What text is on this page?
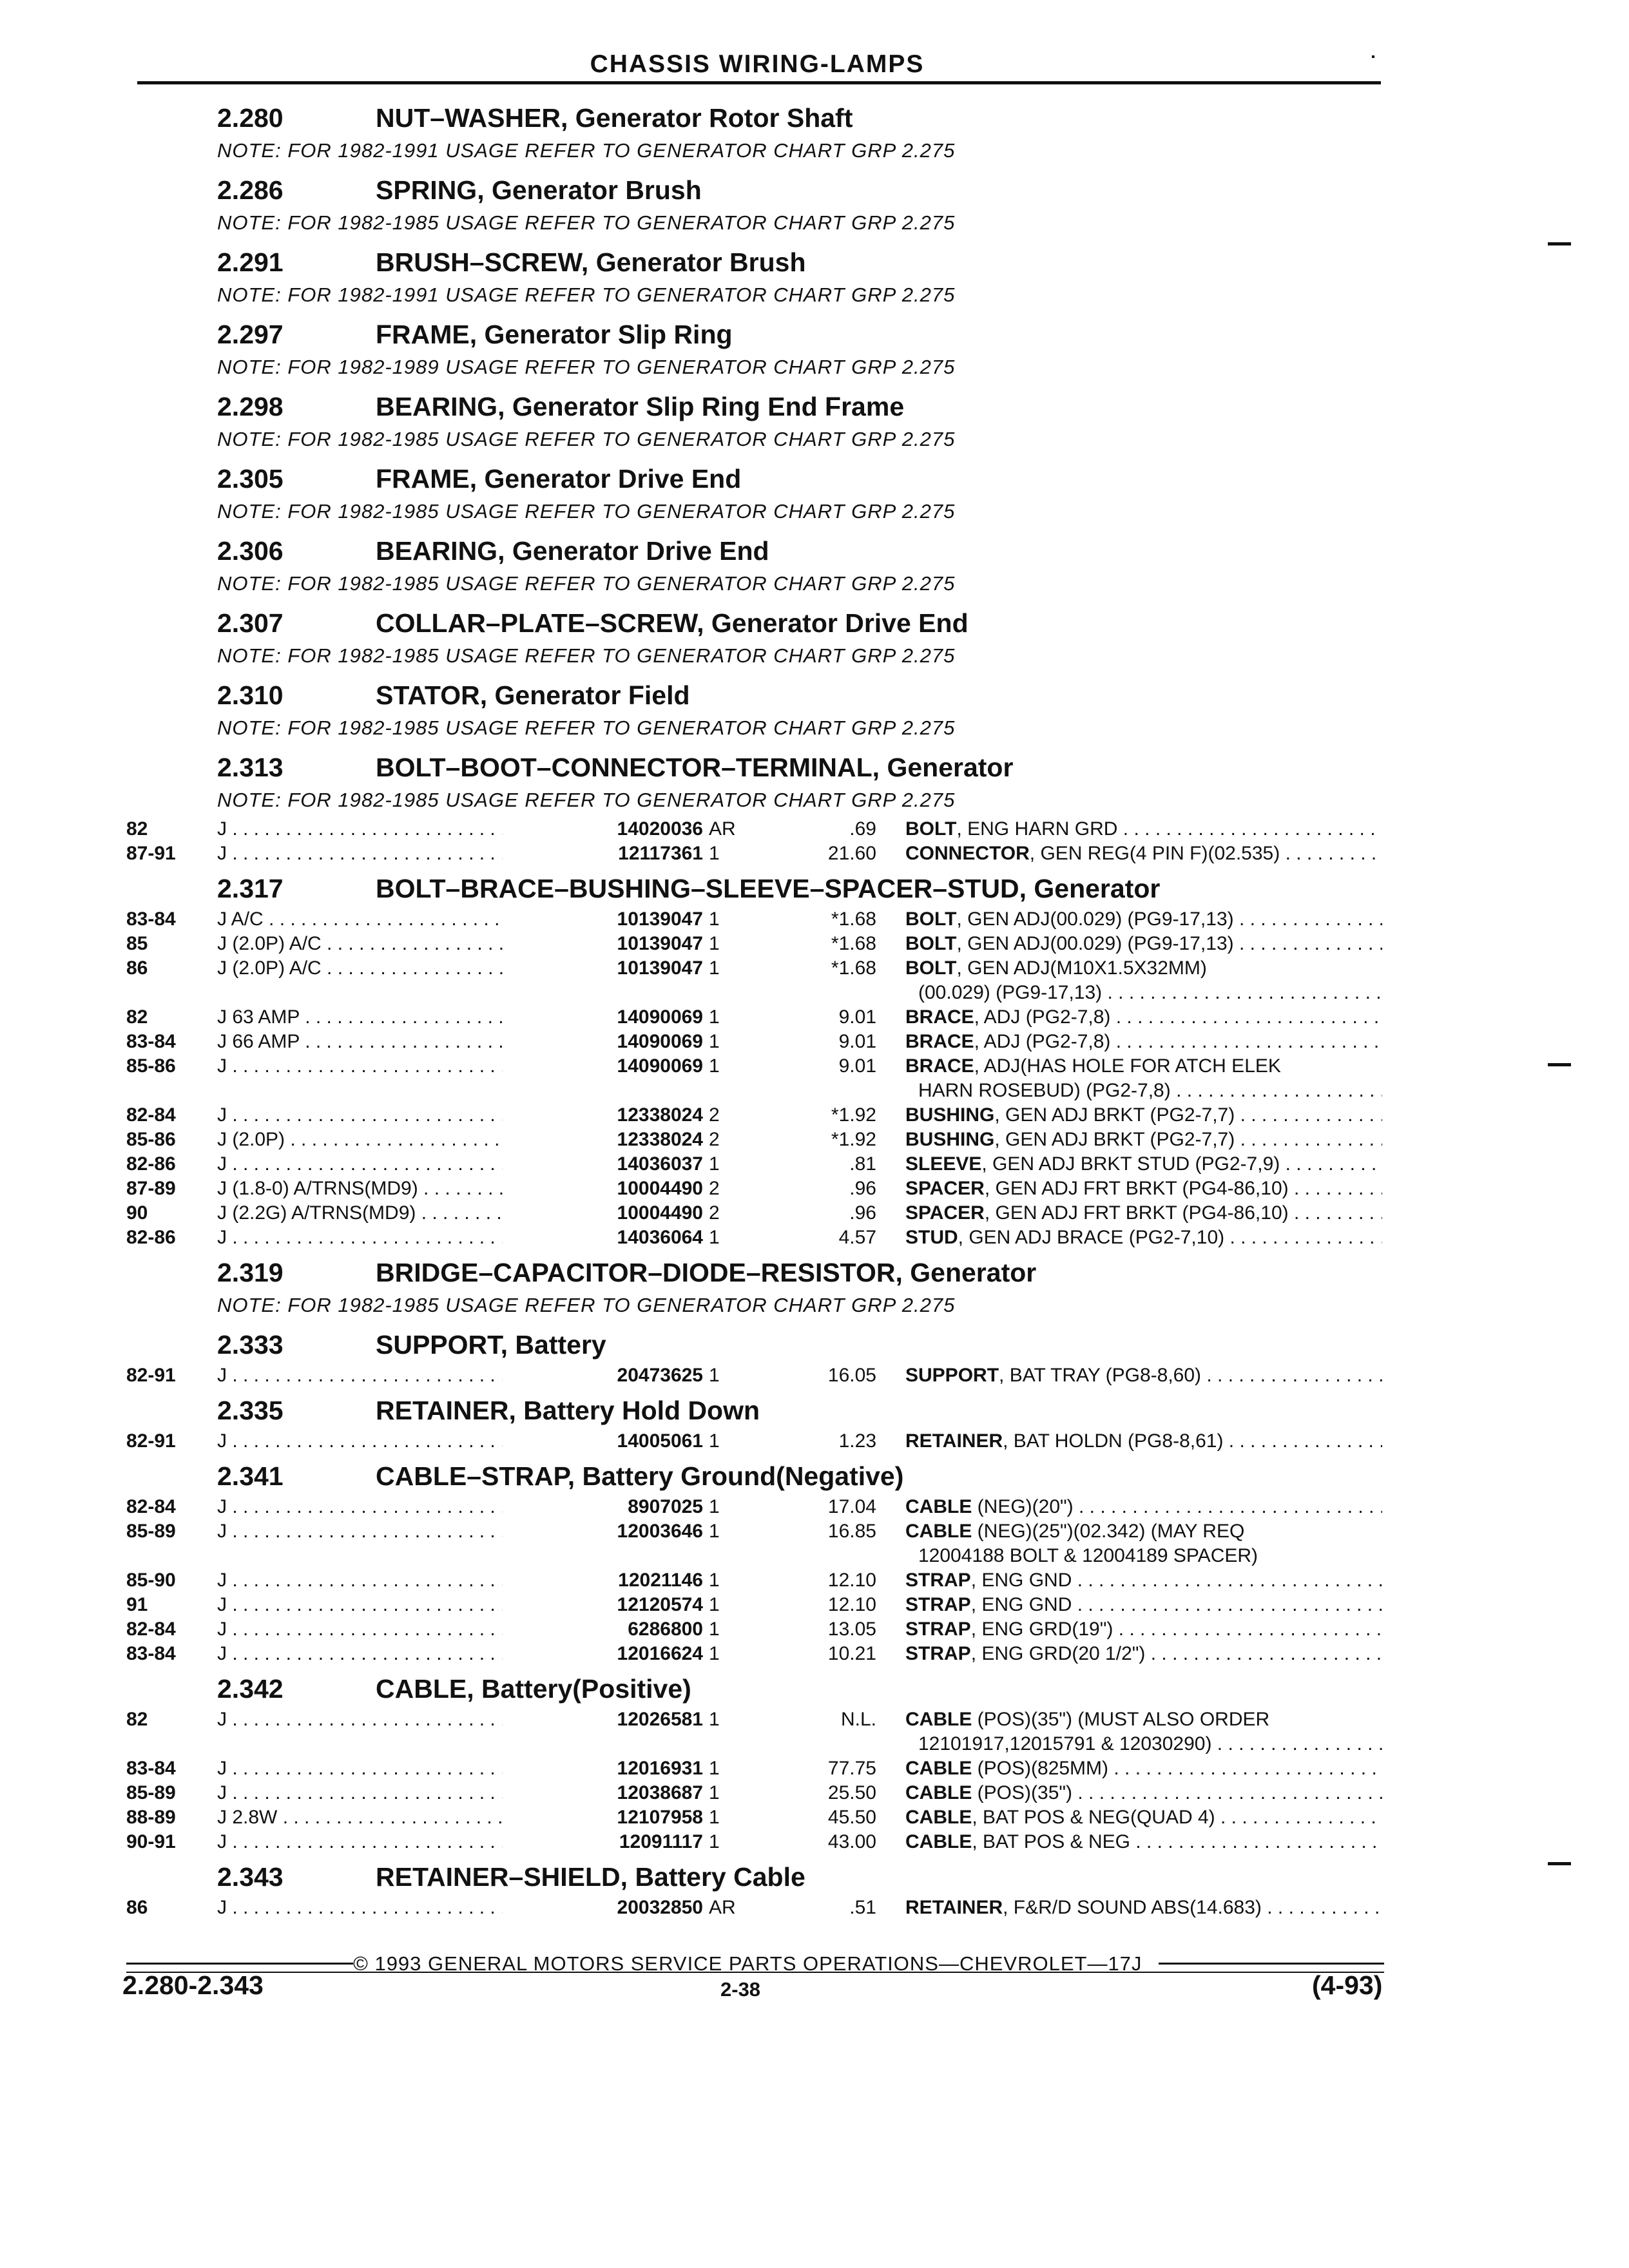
CHASSIS WIRING-LAMPS
2.280	NUT–WASHER, Generator Rotor Shaft
NOTE: FOR 1982-1991 USAGE REFER TO GENERATOR CHART GRP 2.275
2.286	SPRING, Generator Brush
NOTE: FOR 1982-1985 USAGE REFER TO GENERATOR CHART GRP 2.275
2.291	BRUSH–SCREW, Generator Brush
NOTE: FOR 1982-1991 USAGE REFER TO GENERATOR CHART GRP 2.275
2.297	FRAME, Generator Slip Ring
NOTE: FOR 1982-1989 USAGE REFER TO GENERATOR CHART GRP 2.275
2.298	BEARING, Generator Slip Ring End Frame
NOTE: FOR 1982-1985 USAGE REFER TO GENERATOR CHART GRP 2.275
2.305	FRAME, Generator Drive End
NOTE: FOR 1982-1985 USAGE REFER TO GENERATOR CHART GRP 2.275
2.306	BEARING, Generator Drive End
NOTE: FOR 1982-1985 USAGE REFER TO GENERATOR CHART GRP 2.275
2.307	COLLAR–PLATE–SCREW, Generator Drive End
NOTE: FOR 1982-1985 USAGE REFER TO GENERATOR CHART GRP 2.275
2.310	STATOR, Generator Field
NOTE: FOR 1982-1985 USAGE REFER TO GENERATOR CHART GRP 2.275
2.313	BOLT–BOOT–CONNECTOR–TERMINAL, Generator
NOTE: FOR 1982-1985 USAGE REFER TO GENERATOR CHART GRP 2.275
82	J . . .	14020036 AR	.69 BOLT, ENG HARN GRD . . .
87-91 J . . .	12117361 1	21.60 CONNECTOR, GEN REG(4 PIN F)(02.535) . . .
2.317	BOLT–BRACE–BUSHING–SLEEVE–SPACER–STUD, Generator
83-84 J A/C . . .	10139047 1	*1.68 BOLT, GEN ADJ(00.029) (PG9-17,13) . . .
85	J (2.0P) A/C . . .	10139047 1	*1.68 BOLT, GEN ADJ(00.029) (PG9-17,13) . . .
86	J (2.0P) A/C . . .	10139047 1	*1.68 BOLT, GEN ADJ(M10X1.5X32MM)
(00.029) (PG9-17,13) . . .
82	J 63 AMP . . .	14090069 1	9.01 BRACE, ADJ (PG2-7,8) . . .
83-84 J 66 AMP . . .	14090069 1	9.01 BRACE, ADJ (PG2-7,8) . . .
85-86 J . . .	14090069 1	9.01 BRACE, ADJ(HAS HOLE FOR ATCH ELEK
HARN ROSEBUD) (PG2-7,8) . . .
82-84 J . . .	12338024 2	*1.92 BUSHING, GEN ADJ BRKT (PG2-7,7) . . .
85-86 J (2.0P) . . .	12338024 2	*1.92 BUSHING, GEN ADJ BRKT (PG2-7,7) . . .
82-86 J . . .	14036037 1	.81 SLEEVE, GEN ADJ BRKT STUD (PG2-7,9) . . .
87-89 J (1.8-0) A/TRNS(MD9) . . .	10004490 2	.96 SPACER, GEN ADJ FRT BRKT (PG4-86,10) . . .
90	J (2.2G) A/TRNS(MD9) . . .	10004490 2	.96 SPACER, GEN ADJ FRT BRKT (PG4-86,10) . . .
82-86 J . . .	14036064 1	4.57 STUD, GEN ADJ BRACE (PG2-7,10) . . .
2.319	BRIDGE–CAPACITOR–DIODE–RESISTOR, Generator
NOTE: FOR 1982-1985 USAGE REFER TO GENERATOR CHART GRP 2.275
2.333	SUPPORT, Battery
82-91 J . . .	20473625 1	16.05 SUPPORT, BAT TRAY (PG8-8,60) . . .
2.335	RETAINER, Battery Hold Down
82-91 J . . .	14005061 1	1.23 RETAINER, BAT HOLDN (PG8-8,61) . . .
2.341	CABLE–STRAP, Battery Ground(Negative)
82-84 J . . .	8907025 1	17.04 CABLE (NEG)(20") . . .
85-89 J . . .	12003646 1	16.85 CABLE (NEG)(25")(02.342) (MAY REQ
12004188 BOLT & 12004189 SPACER)
85-90 J . . .	12021146 1	12.10 STRAP, ENG GND . . .
91	J . . .	12120574 1	12.10 STRAP, ENG GND . . .
82-84 J . . .	6286800 1	13.05 STRAP, ENG GRD(19") . . .
83-84 J . . .	12016624 1	10.21 STRAP, ENG GRD(20 1/2") . . .
2.342	CABLE, Battery(Positive)
82	J . . .	12026581 1	N.L. CABLE (POS)(35") (MUST ALSO ORDER
12101917,12015791 & 12030290) . . .
83-84 J . . .	12016931 1	77.75 CABLE (POS)(825MM) . . .
85-89 J . . .	12038687 1	25.50 CABLE (POS)(35") . . .
88-89 J 2.8W . . .	12107958 1	45.50 CABLE, BAT POS & NEG(QUAD 4) . . .
90-91 J . . .	12091117 1	43.00 CABLE, BAT POS & NEG . . .
2.343	RETAINER–SHIELD, Battery Cable
86	J . . .	20032850 AR	.51 RETAINER, F&R/D SOUND ABS(14.683) . . .
© 1993 GENERAL MOTORS SERVICE PARTS OPERATIONS—CHEVROLET—17J
2.280-2.343	2-38	(4-93)
